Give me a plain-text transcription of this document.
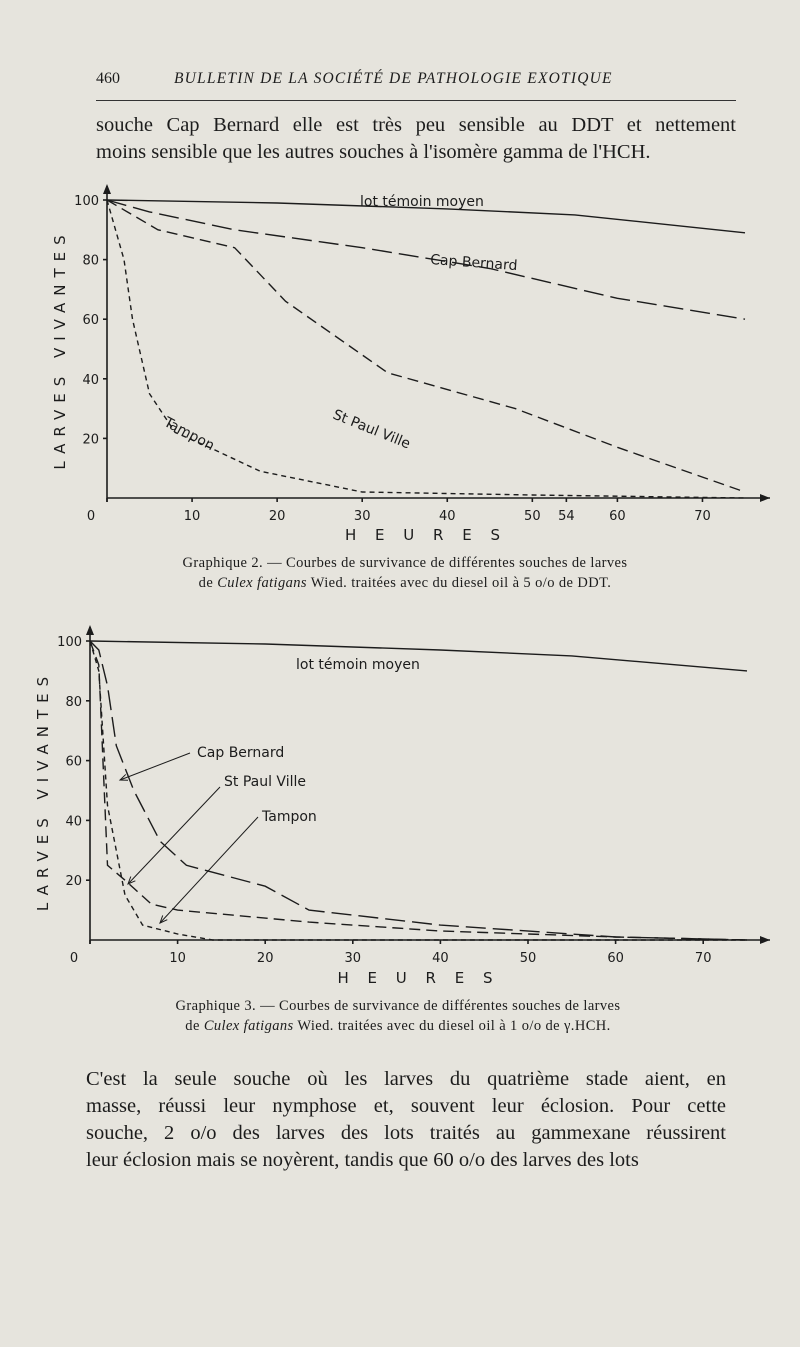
460	BULLETIN DE LA SOCIÉTÉ DE PATHOLOGIE EXOTIQUE

souche Cap Bernard elle est très peu sensible au DDT et nettement
moins sensible que les autres souches à l'isomère gamma de l'HCH.

100
80
60
40
20
0	10	20	30	40	50 54	60	70
H E U R E S
LARVES VIVANTES
lot témoin moyen
Cap Bernard
St Paul Ville
Tampon
Graphique 2. — Courbes de survivance de différentes souches de larves
de Culex fatigans Wied. traitées avec du diesel oil à 5 o/o de DDT.
100
80
60
40
20
0	10	20	30	40	50	60	70
H E U R E S
LARVES VIVANTES
lot témoin moyen
Cap Bernard
St Paul Ville
Tampon
Graphique 3. — Courbes de survivance de différentes souches de larves
de Culex fatigans Wied. traitées avec du diesel oil à 1 o/o de γ.HCH.

C'est la seule souche où les larves du quatrième stade aient, en
masse, réussi leur nymphose et, souvent leur éclosion. Pour cette
souche, 2 o/o des larves des lots traités au gammexane réussirent
leur éclosion mais se noyèrent, tandis que 60 o/o des larves des lots
